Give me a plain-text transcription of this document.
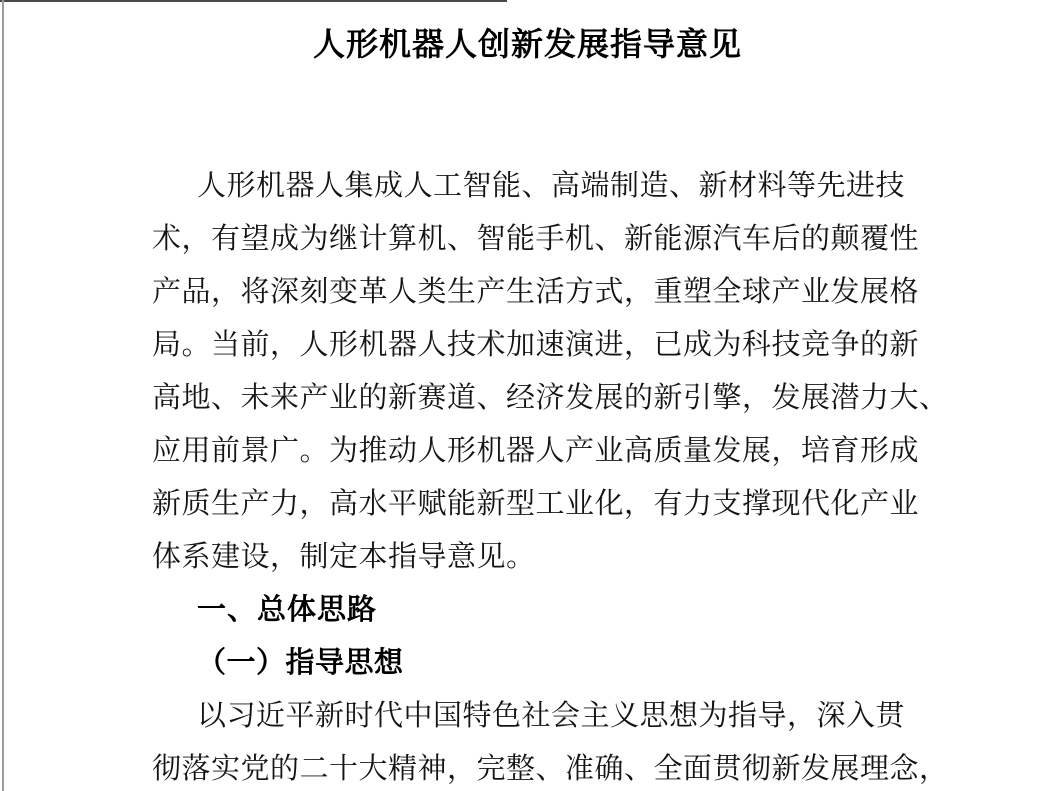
人形机器人创新发展指导意见
人形机器人集成人工智能、高端制造、新材料等先进技
术，有望成为继计算机、智能手机、新能源汽车后的颠覆性
产品，将深刻变革人类生产生活方式，重塑全球产业发展格
局。当前，人形机器人技术加速演进，已成为科技竞争的新
高地、未来产业的新赛道、经济发展的新引擎，发展潜力大、
应用前景广。为推动人形机器人产业高质量发展，培育形成
新质生产力，高水平赋能新型工业化，有力支撑现代化产业
体系建设，制定本指导意见。
一、总体思路
（一）指导思想
以习近平新时代中国特色社会主义思想为指导，深入贯
彻落实党的二十大精神，完整、准确、全面贯彻新发展理念，
